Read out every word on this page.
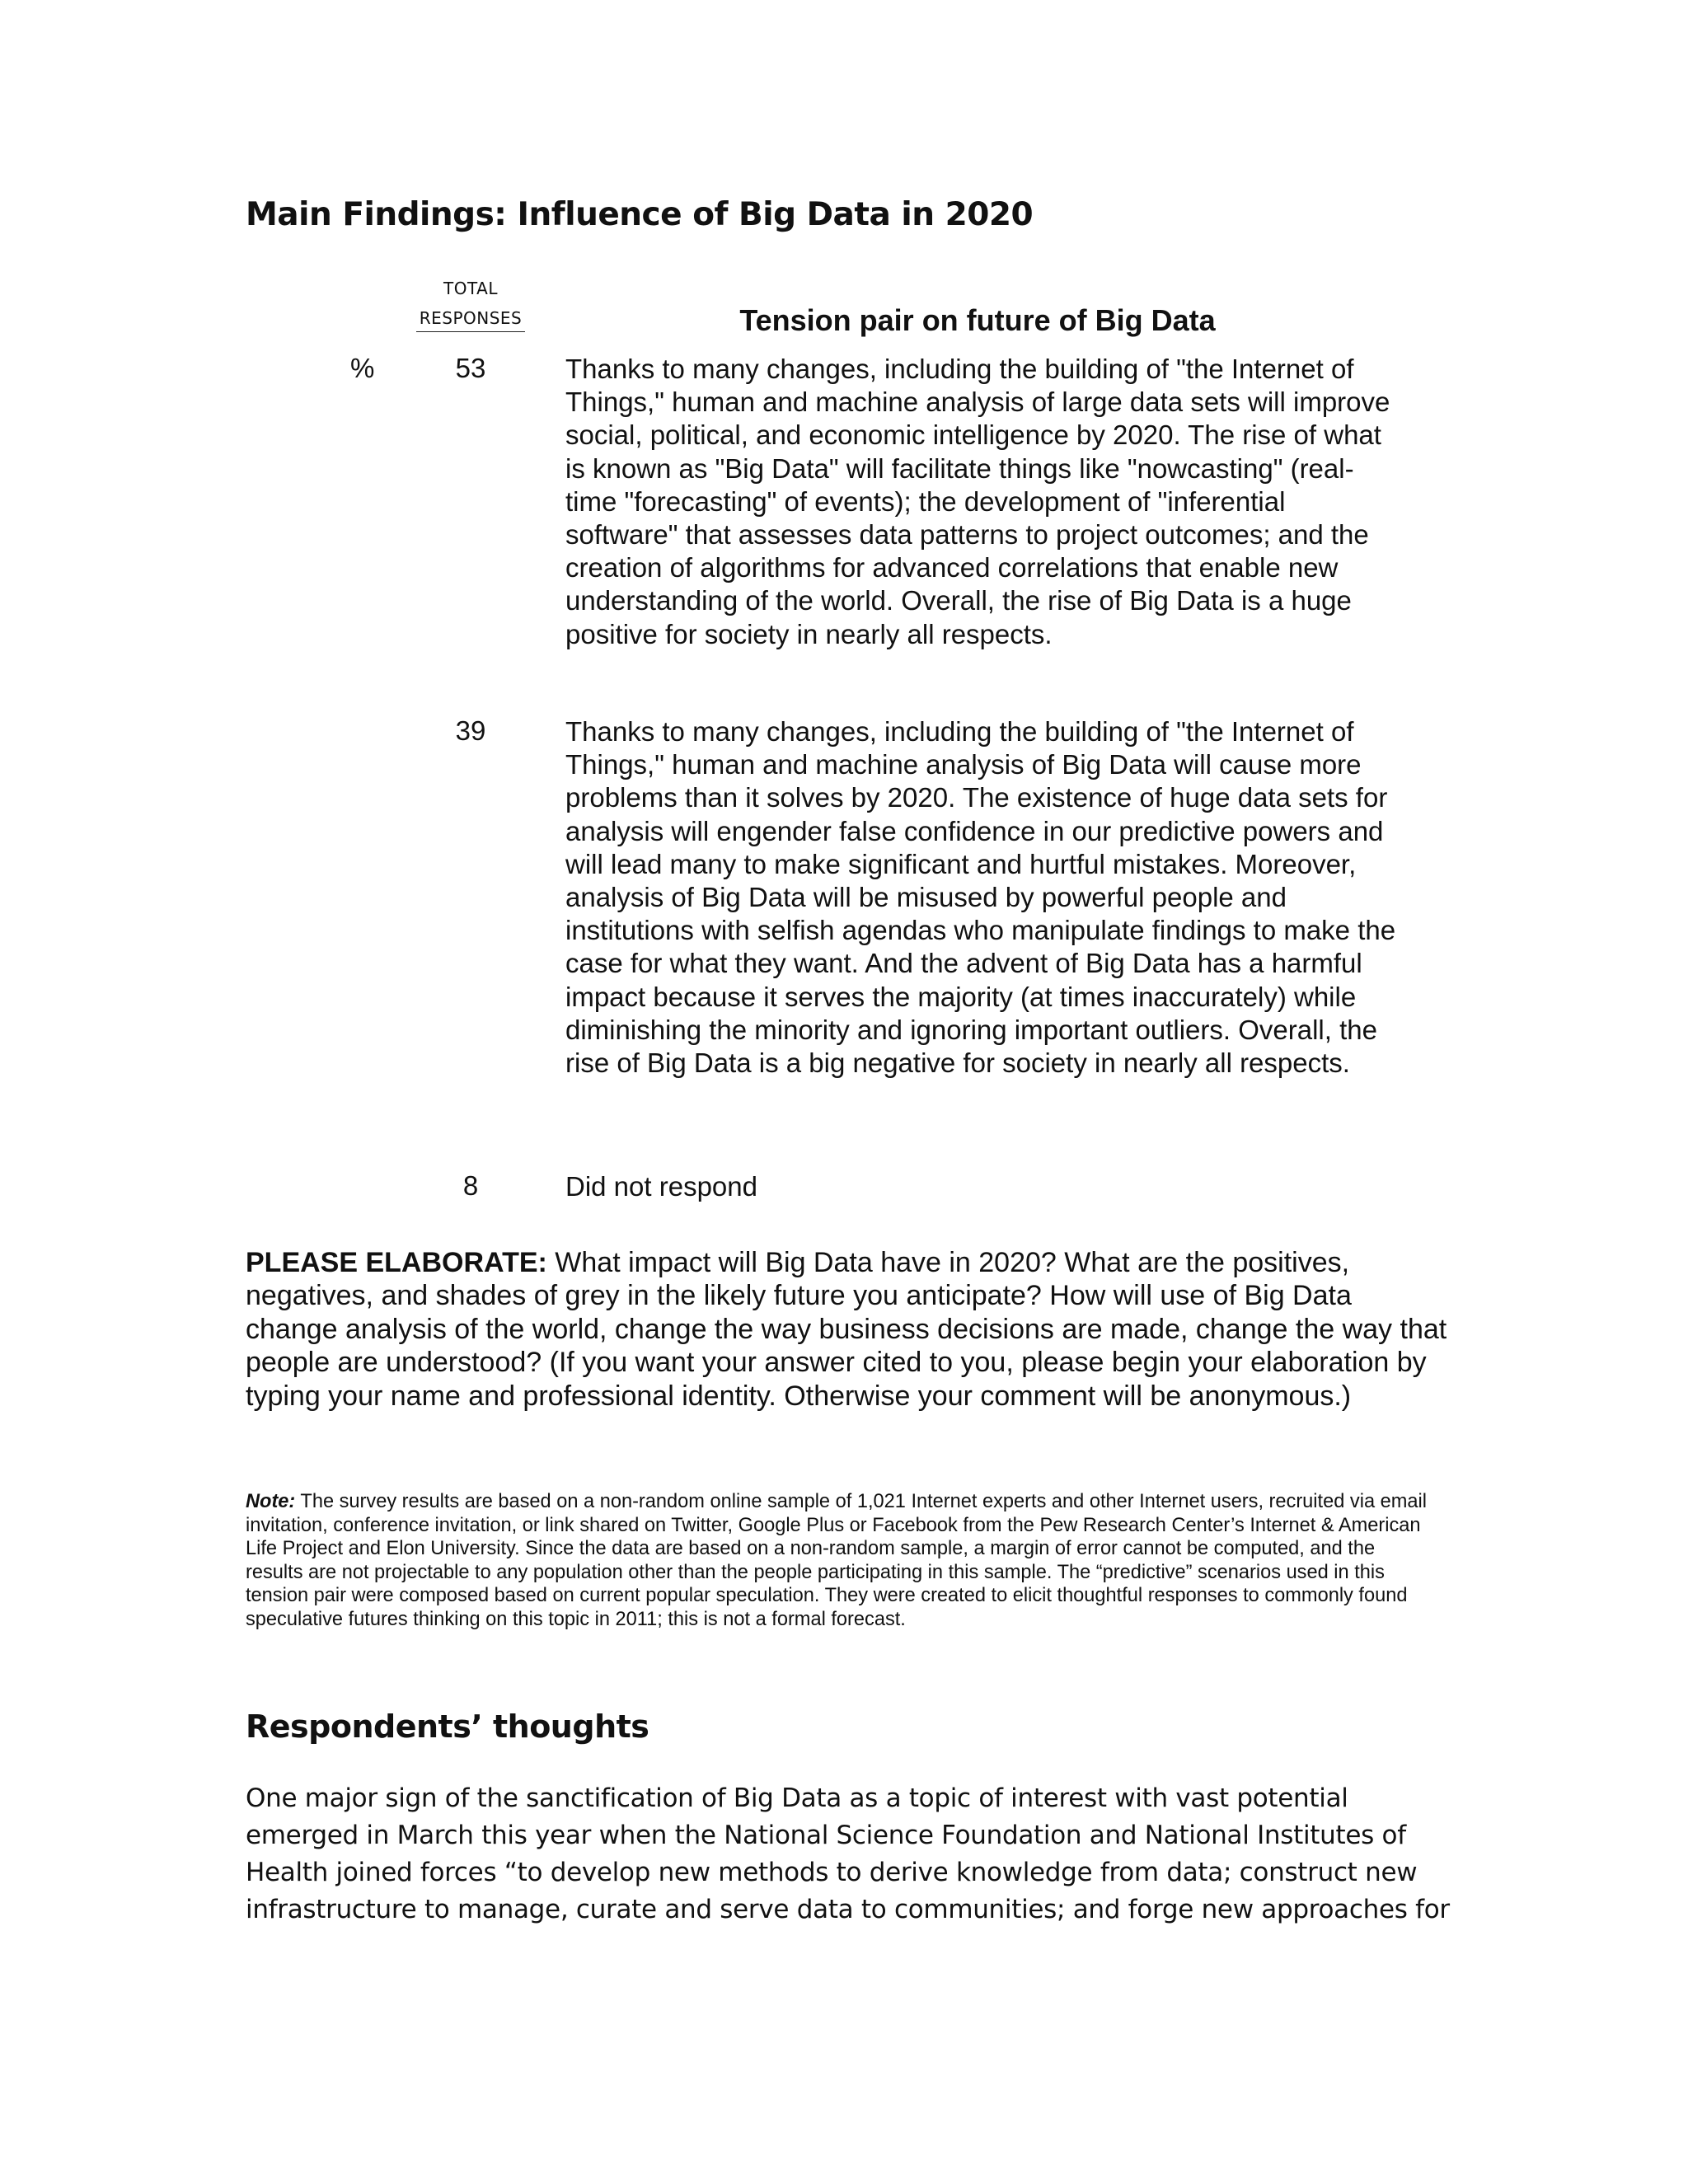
Main Findings: Influence of Big Data in 2020
TOTAL
RESPONSES	Tension pair on future of Big Data
%	53	Thanks to many changes, including the building of "the Internet of Things," human and machine analysis of large data sets will improve social, political, and economic intelligence by 2020. The rise of what is known as "Big Data" will facilitate things like "nowcasting" (real-time "forecasting" of events); the development of "inferential software" that assesses data patterns to project outcomes; and the creation of algorithms for advanced correlations that enable new understanding of the world. Overall, the rise of Big Data is a huge positive for society in nearly all respects.

39	Thanks to many changes, including the building of "the Internet of Things," human and machine analysis of Big Data will cause more problems than it solves by 2020. The existence of huge data sets for analysis will engender false confidence in our predictive powers and will lead many to make significant and hurtful mistakes. Moreover, analysis of Big Data will be misused by powerful people and institutions with selfish agendas who manipulate findings to make the case for what they want. And the advent of Big Data has a harmful impact because it serves the majority (at times inaccurately) while diminishing the minority and ignoring important outliers. Overall, the rise of Big Data is a big negative for society in nearly all respects.

8	Did not respond

PLEASE ELABORATE: What impact will Big Data have in 2020? What are the positives, negatives, and shades of grey in the likely future you anticipate? How will use of Big Data change analysis of the world, change the way business decisions are made, change the way that people are understood? (If you want your answer cited to you, please begin your elaboration by typing your name and professional identity. Otherwise your comment will be anonymous.)

Note: The survey results are based on a non-random online sample of 1,021 Internet experts and other Internet users, recruited via email invitation, conference invitation, or link shared on Twitter, Google Plus or Facebook from the Pew Research Center’s Internet & American Life Project and Elon University. Since the data are based on a non-random sample, a margin of error cannot be computed, and the results are not projectable to any population other than the people participating in this sample. The “predictive” scenarios used in this tension pair were composed based on current popular speculation. They were created to elicit thoughtful responses to commonly found speculative futures thinking on this topic in 2011; this is not a formal forecast.

Respondents’ thoughts

One major sign of the sanctification of Big Data as a topic of interest with vast potential emerged in March this year when the National Science Foundation and National Institutes of Health joined forces “to develop new methods to derive knowledge from data; construct new infrastructure to manage, curate and serve data to communities; and forge new approaches for
